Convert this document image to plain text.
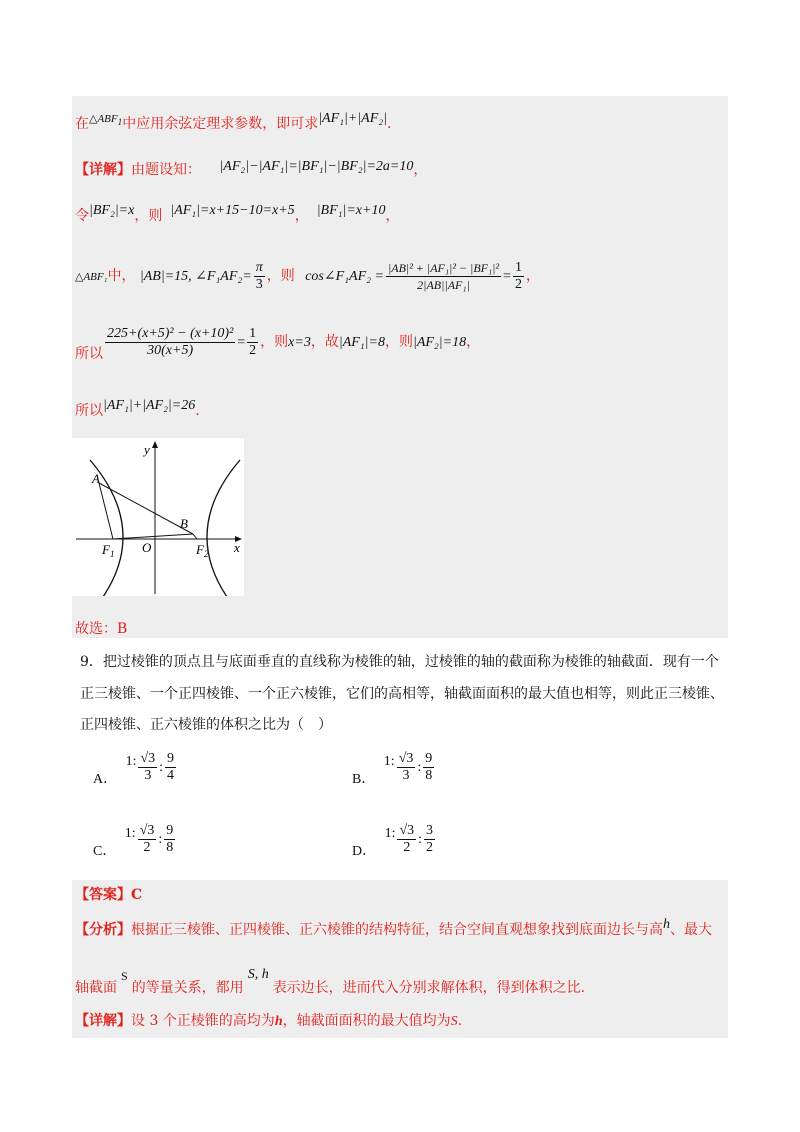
在$^{\triangle ABF_1}$中应用余弦定理求参数，即可求|AF₁|+|AF₂|.
【详解】由题设知： |AF₂|−|AF₁|=|BF₁|−|BF₂|=2a=10，
令|BF₂|=x，则 |AF₁|=x+15−10=x+5， |BF₁|=x+10，
△ABF₁中， |AB|=15, ∠F₁AF₂= $\frac{\pi}{3}$ ，则 cos∠F₁AF₂ = $\frac{\text{|AB|² + |AF₁|² − |BF₁|²}}{\text{2|AB||AF₁|}} = \frac{1}{2}$ ，
所以 $\frac{\text{225+(x+5)² − (x+10)²}}{30(x+5)} = \frac{1}{2}$ ，则x=3，故|AF₁|=8，则|AF₂|=18，
所以|AF₁|+|AF₂|=26.
A
B
O
$F_1$	$F_2$
y
x
故选：B
9．把过棱锥的顶点且与底面垂直的直线称为棱锥的轴，过棱锥的轴的截面称为棱锥的轴截面．现有一个
正三棱锥、一个正四棱锥、一个正六棱锥，它们的高相等，轴截面面积的最大值也相等，则此正三棱锥、
正四棱锥、正六棱锥的体积之比为（　）
A． 1: $\frac{√3}{3}$ : $\frac{9}{4}$	B． 1: $\frac{√3}{3}$ : $\frac{9}{8}$
C． 1: $\frac{√3}{2}$ : $\frac{9}{8}$	D． 1: $\frac{√3}{2}$ : $\frac{3}{2}$
【答案】C
【分析】根据正三棱锥、正四棱锥、正六棱锥的结构特征，结合空间直观想象找到底面边长与高h、最大
轴截面S的等量关系，都用S, h表示边长，进而代入分别求解体积，得到体积之比.
【详解】设 3 个正棱锥的高均为h，轴截面面积的最大值均为S.
